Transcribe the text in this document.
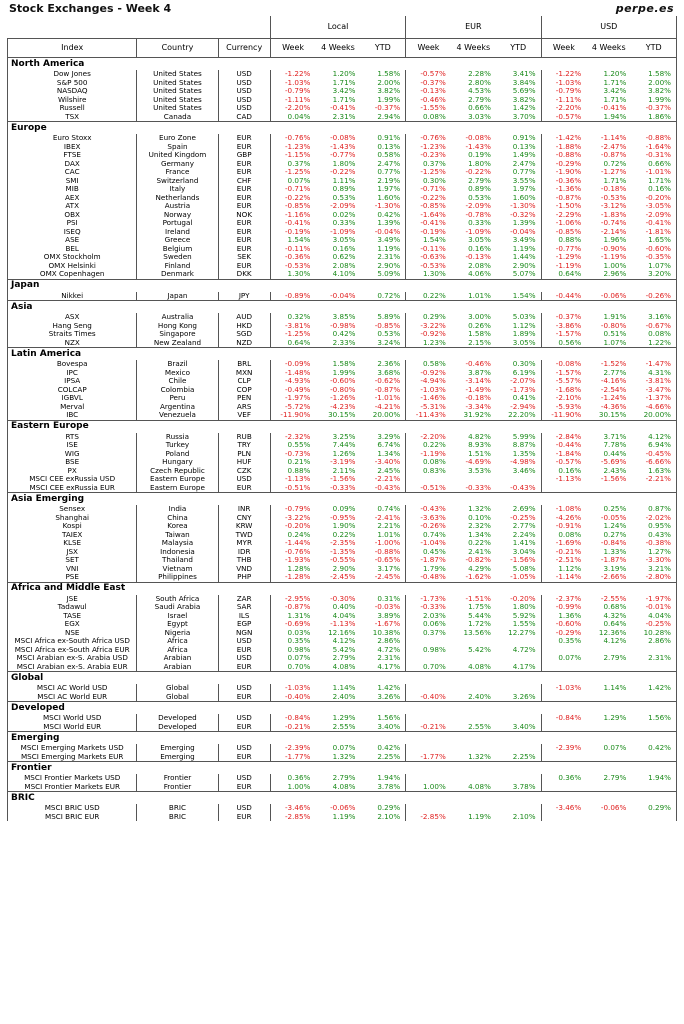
Stock Exchanges - Week 4	perpe.es
			Local			EUR			USD		
Index	Country	Currency	Week	4 Weeks	YTD	Week	4 Weeks	YTD	Week	4 Weeks	YTD
North America											
Dow Jones	United States	USD	-1.22%	1.20%	1.58%	-0.57%	2.28%	3.41%	-1.22%	1.20%	1.58%
S&P 500	United States	USD	-1.03%	1.71%	2.00%	-0.37%	2.80%	3.84%	-1.03%	1.71%	2.00%
NASDAQ	United States	USD	-0.79%	3.42%	3.82%	-0.13%	4.53%	5.69%	-0.79%	3.42%	3.82%
Wilshire	United States	USD	-1.11%	1.71%	1.99%	-0.46%	2.79%	3.82%	-1.11%	1.71%	1.99%
Russell	United States	USD	-2.20%	-0.41%	-0.37%	-1.55%	0.66%	1.42%	-2.20%	-0.41%	-0.37%
TSX	Canada	CAD	0.04%	2.31%	2.94%	0.08%	3.03%	3.70%	-0.57%	1.94%	1.86%
Europe											
Euro Stoxx	Euro Zone	EUR	-0.76%	-0.08%	0.91%	-0.76%	-0.08%	0.91%	-1.42%	-1.14%	-0.88%
IBEX	Spain	EUR	-1.23%	-1.43%	0.13%	-1.23%	-1.43%	0.13%	-1.88%	-2.47%	-1.64%
FTSE	United Kingdom	GBP	-1.15%	-0.77%	0.58%	-0.23%	0.19%	1.49%	-0.88%	-0.87%	-0.31%
DAX	Germany	EUR	0.37%	1.80%	2.47%	0.37%	1.80%	2.47%	-0.29%	0.72%	0.66%
CAC	France	EUR	-1.25%	-0.22%	0.77%	-1.25%	-0.22%	0.77%	-1.90%	-1.27%	-1.01%
SMI	Switzerland	CHF	0.07%	1.11%	2.19%	0.30%	2.79%	3.55%	-0.36%	1.71%	1.71%
MIB	Italy	EUR	-0.71%	0.89%	1.97%	-0.71%	0.89%	1.97%	-1.36%	-0.18%	0.16%
AEX	Netherlands	EUR	-0.22%	0.53%	1.60%	-0.22%	0.53%	1.60%	-0.87%	-0.53%	-0.20%
ATX	Austria	EUR	-0.85%	-2.09%	-1.30%	-0.85%	-2.09%	-1.30%	-1.50%	-3.12%	-3.05%
OBX	Norway	NOK	-1.16%	0.02%	0.42%	-1.64%	-0.78%	-0.32%	-2.29%	-1.83%	-2.09%
PSI	Portugal	EUR	-0.41%	0.33%	1.39%	-0.41%	0.33%	1.39%	-1.06%	-0.74%	-0.41%
ISEQ	Ireland	EUR	-0.19%	-1.09%	-0.04%	-0.19%	-1.09%	-0.04%	-0.85%	-2.14%	-1.81%
ASE	Greece	EUR	1.54%	3.05%	3.49%	1.54%	3.05%	3.49%	0.88%	1.96%	1.65%
BEL	Belgium	EUR	-0.11%	0.16%	1.19%	-0.11%	0.16%	1.19%	-0.77%	-0.90%	-0.60%
OMX Stockholm	Sweden	SEK	-0.36%	0.62%	2.31%	-0.63%	-0.13%	1.44%	-1.29%	-1.19%	-0.35%
OMX Helsinki	Finland	EUR	-0.53%	2.08%	2.90%	-0.53%	2.08%	2.90%	-1.19%	1.00%	1.07%
OMX Copenhagen	Denmark	DKK	1.30%	4.10%	5.09%	1.30%	4.06%	5.07%	0.64%	2.96%	3.20%
Japan											
Nikkei	Japan	JPY	-0.89%	-0.04%	0.72%	0.22%	1.01%	1.54%	-0.44%	-0.06%	-0.26%
Asia											
ASX	Australia	AUD	0.32%	3.85%	5.89%	0.29%	3.00%	5.03%	-0.37%	1.91%	3.16%
Hang Seng	Hong Kong	HKD	-3.81%	-0.98%	-0.85%	-3.22%	0.26%	1.12%	-3.86%	-0.80%	-0.67%
Straits Times	Singapore	SGD	-1.25%	0.42%	0.53%	-0.92%	1.58%	1.89%	-1.57%	0.51%	0.08%
NZX	New Zealand	NZD	0.64%	2.33%	3.24%	1.23%	2.15%	3.05%	0.56%	1.07%	1.22%
Latin America											
Bovespa	Brazil	BRL	-0.09%	1.58%	2.36%	0.58%	-0.46%	0.30%	-0.08%	-1.52%	-1.47%
IPC	Mexico	MXN	-1.48%	1.99%	3.68%	-0.92%	3.87%	6.19%	-1.57%	2.77%	4.31%
IPSA	Chile	CLP	-4.93%	-0.60%	-0.62%	-4.94%	-3.14%	-2.07%	-5.57%	-4.16%	-3.81%
COLCAP	Colombia	COP	-0.49%	-0.80%	-0.87%	-1.03%	-1.49%	-1.73%	-1.68%	-2.54%	-3.47%
IGBVL	Peru	PEN	-1.97%	-1.26%	-1.01%	-1.46%	-0.18%	0.41%	-2.10%	-1.24%	-1.37%
Merval	Argentina	ARS	-5.72%	-4.23%	-4.21%	-5.31%	-3.34%	-2.94%	-5.93%	-4.36%	-4.66%
IBC	Venezuela	VEF	-11.90%	30.15%	20.00%	-11.43%	31.92%	22.20%	-11.90%	30.15%	20.00%
Eastern Europe											
RTS	Russia	RUB	-2.32%	3.25%	3.29%	-2.20%	4.82%	5.99%	-2.84%	3.71%	4.12%
ISE	Turkey	TRY	0.55%	7.44%	6.74%	0.22%	8.93%	8.87%	-0.44%	7.78%	6.94%
WIG	Poland	PLN	-0.73%	1.26%	1.34%	-1.19%	1.51%	1.35%	-1.84%	0.44%	-0.45%
BSE	Hungary	HUF	0.21%	-3.19%	-3.40%	0.08%	-4.69%	-4.98%	-0.57%	-5.69%	-6.66%
PX	Czech Republic	CZK	0.88%	2.11%	2.45%	0.83%	3.53%	3.46%	0.16%	2.43%	1.63%
MSCI CEE exRussia USD	Eastern Europe	USD	-1.13%	-1.56%	-2.21%				-1.13%	-1.56%	-2.21%
MSCI CEE exRussia EUR	Eastern Europe	EUR	-0.51%	-0.33%	-0.43%	-0.51%	-0.33%	-0.43%			
Asia Emerging											
Sensex	India	INR	-0.79%	0.09%	0.74%	-0.43%	1.32%	2.69%	-1.08%	0.25%	0.87%
Shanghai	China	CNY	-3.22%	-0.95%	-2.41%	-3.63%	0.10%	-0.25%	-4.26%	-0.05%	-2.02%
Kospi	Korea	KRW	-0.20%	1.90%	2.21%	-0.26%	2.32%	2.77%	-0.91%	1.24%	0.95%
TAIEX	Taiwan	TWD	0.24%	0.22%	1.01%	0.74%	1.34%	2.24%	0.08%	0.27%	0.43%
KLSE	Malaysia	MYR	-1.44%	-2.35%	-1.00%	-1.04%	0.22%	1.41%	-1.69%	-0.84%	-0.38%
JSX	Indonesia	IDR	-0.76%	-1.35%	-0.88%	0.45%	2.41%	3.04%	-0.21%	1.33%	1.27%
SET	Thailand	THB	-1.93%	-0.55%	-0.65%	-1.87%	-0.82%	-1.56%	-2.51%	-1.87%	-3.30%
VNI	Vietnam	VND	1.28%	2.90%	3.17%	1.79%	4.29%	5.08%	1.12%	3.19%	3.21%
PSE	Philippines	PHP	-1.28%	-2.45%	-2.45%	-0.48%	-1.62%	-1.05%	-1.14%	-2.66%	-2.80%
Africa and Middle East											
JSE	South Africa	ZAR	-2.95%	-0.30%	0.31%	-1.73%	-1.51%	-0.20%	-2.37%	-2.55%	-1.97%
Tadawul	Saudi Arabia	SAR	-0.87%	0.40%	-0.03%	-0.33%	1.75%	1.80%	-0.99%	0.68%	-0.01%
TASE	Israel	ILS	1.31%	4.04%	3.89%	2.03%	5.44%	5.92%	1.36%	4.32%	4.04%
EGX	Egypt	EGP	-0.69%	-1.13%	-1.67%	0.06%	1.72%	1.55%	-0.60%	0.64%	-0.25%
NSE	Nigeria	NGN	0.03%	12.16%	10.38%	0.37%	13.56%	12.27%	-0.29%	12.36%	10.28%
MSCI Africa ex-South Africa USD	Africa	USD	0.35%	4.12%	2.86%				0.35%	4.12%	2.86%
MSCI Africa ex-South Africa EUR	Africa	EUR	0.98%	5.42%	4.72%	0.98%	5.42%	4.72%			
MSCI Arabian ex-S. Arabia USD	Arabian	USD	0.07%	2.79%	2.31%				0.07%	2.79%	2.31%
MSCI Arabian ex-S. Arabia EUR	Arabian	EUR	0.70%	4.08%	4.17%	0.70%	4.08%	4.17%			
Global											
MSCI AC World USD	Global	USD	-1.03%	1.14%	1.42%				-1.03%	1.14%	1.42%
MSCI AC World EUR	Global	EUR	-0.40%	2.40%	3.26%	-0.40%	2.40%	3.26%			
Developed											
MSCI World USD	Developed	USD	-0.84%	1.29%	1.56%				-0.84%	1.29%	1.56%
MSCI World EUR	Developed	EUR	-0.21%	2.55%	3.40%	-0.21%	2.55%	3.40%			
Emerging											
MSCI Emerging Markets USD	Emerging	USD	-2.39%	0.07%	0.42%				-2.39%	0.07%	0.42%
MSCI Emerging Markets EUR	Emerging	EUR	-1.77%	1.32%	2.25%	-1.77%	1.32%	2.25%			
Frontier											
MSCI Frontier Markets USD	Frontier	USD	0.36%	2.79%	1.94%				0.36%	2.79%	1.94%
MSCI Frontier Markets EUR	Frontier	EUR	1.00%	4.08%	3.78%	1.00%	4.08%	3.78%			
BRIC											
MSCI BRIC USD	BRIC	USD	-3.46%	-0.06%	0.29%				-3.46%	-0.06%	0.29%
MSCI BRIC EUR	BRIC	EUR	-2.85%	1.19%	2.10%	-2.85%	1.19%	2.10%			
